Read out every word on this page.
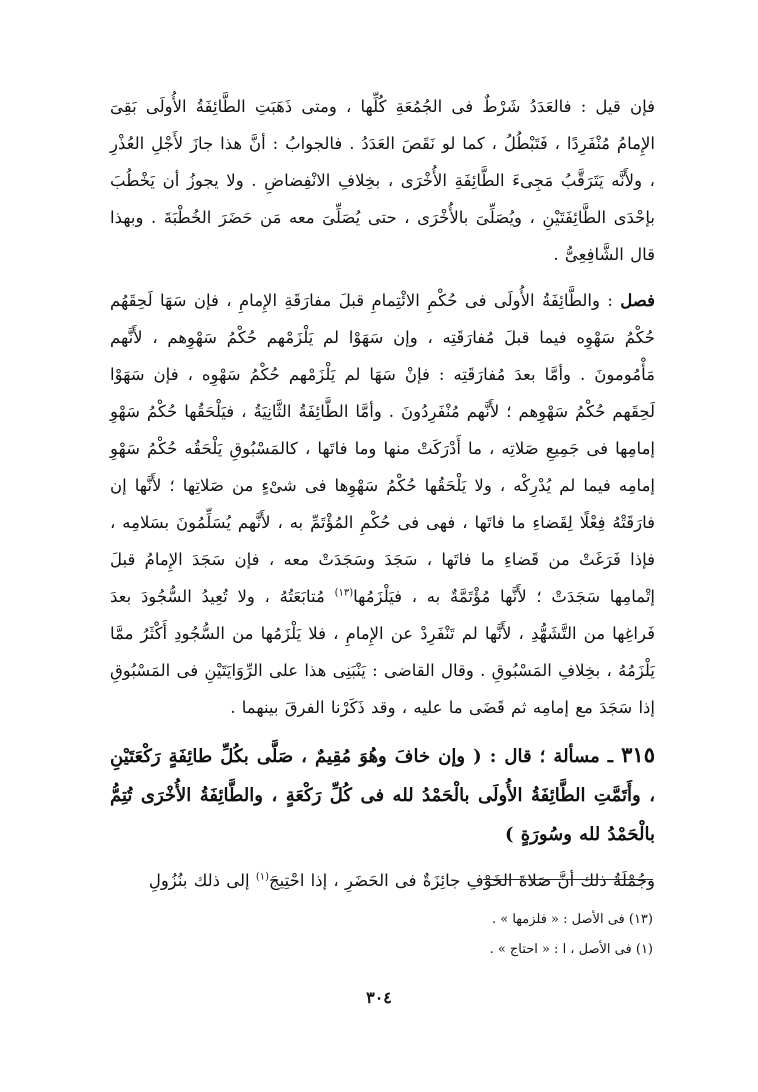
فإن قيل : فالعَدَدُ شَرْطٌ فى الجُمُعَةِ كُلِّها ، ومتى ذَهَبَتِ الطَّائِفَةُ الأُولَى بَقِىَ الإِمامُ مُنْفَرِدًا ، فَتَبْطُلُ ، كما لو نَقَصَ العَدَدُ . فالجوابُ : أنَّ هذا جازَ لأَجْلِ العُذْرِ ، ولأَنَّه يَتَرَقَّبُ مَجِىءَ الطَّائِفَةِ الأُخْرَى ، بخِلافِ الانْفِضاضِ . ولا يجوزُ أن يَخْطُبَ بإحْدَى الطَّائِفَتَيْنِ ، ويُصَلِّىَ بالأُخْرَى ، حتى يُصَلِّىَ معه مَن حَضَرَ الخُطْبَةَ . وبهذا قال الشَّافِعِىُّ .

فصل : والطَّائِفَةُ الأُولَى فى حُكْمِ الائْتِمامِ قبلَ مفارَقَةِ الإِمامِ ، فإن سَهَا لَحِقَهُم حُكْمُ سَهْوِه فيما قبلَ مُفارَقَتِه ، وإن سَهَوْا لم يَلْزَمْهم حُكْمُ سَهْوِهم ، لأَنَّهم مَأْمُومونَ . وأمَّا بعدَ مُفارَقَتِه : فإنْ سَهَا لم يَلْزَمْهم حُكْمُ سَهْوِه ، فإن سَهَوْا لَحِقَهم حُكْمُ سَهْوِهم ؛ لأَنَّهم مُنْفَرِدُونَ . وأمَّا الطَّائِفَةُ الثَّانِيَةُ ، فيَلْحَقُها حُكْمُ سَهْوِ إمامِها فى جَمِيعِ صَلاتِه ، ما أَدْرَكَتْ منها وما فاتَها ، كالمَسْبُوقِ يَلْحَقُه حُكْمُ سَهْوِ إمامِه فيما لم يُدْرِكْه ، ولا يَلْحَقُها حُكْمُ سَهْوِها فى شىْءٍ من صَلاتِها ؛ لأَنَّها إن فارَقَتْهُ فِعْلًا لِقَضاءِ ما فاتَها ، فهى فى حُكْمِ المُؤْتَمِّ به ، لأَنَّهم يُسَلِّمُونَ بسَلامِه ، فإذا فَرَغَتْ من قَضاءِ ما فاتَها ، سَجَدَ وسَجَدَتْ معه ، فإن سَجَدَ الإِمامُ قبلَ إتْمامِها سَجَدَتْ ؛ لأَنَّها مُؤْتَمَّةٌ به ، فيَلْزَمُها$^{(١٣)}$ مُتابَعَتُهُ ، ولا تُعِيدُ السُّجُودَ بعدَ فَراغِها من التَّشَهُّدِ ، لأَنَّها لم تَنْفَرِدْ عن الإِمامِ ، فلا يَلْزَمُها من السُّجُودِ أَكْثَرُ ممَّا يَلْزَمُهُ ، بخِلافِ المَسْبُوقِ . وقال القاضى : يَنْبَنِى هذا على الرِّوَايَتَيْنِ فى المَسْبُوقِ إذا سَجَدَ مع إمامِه ثم قَضَى ما عليه ، وقد ذَكَرْنا الفرقَ بينهما .

٣١٥ ـ مسألة ؛ قال : ( وإن خافَ وهُوَ مُقِيمٌ ، صَلَّى بكُلِّ طائِفَةٍ رَكْعَتَيْنِ ، وأَتَمَّتِ الطَّائِفَةُ الأُولَى بالْحَمْدُ لله فى كُلِّ رَكْعَةٍ ، والطَّائِفَةُ الأُخْرَى تُتِمُّ بالْحَمْدُ لله وسُورَةٍ )

وجُمْلَةُ ذلك أنَّ صَلاةَ الخَوْفِ جائِزَةٌ فى الحَضَرِ ، إذا احْتِيجَ$^{(١)}$ إلى ذلك بنُزُولِ

(١٣) فى الأصل : « فلزمها » .

(١) فى الأصل ، ا : « احتاج » .

٣٠٤
